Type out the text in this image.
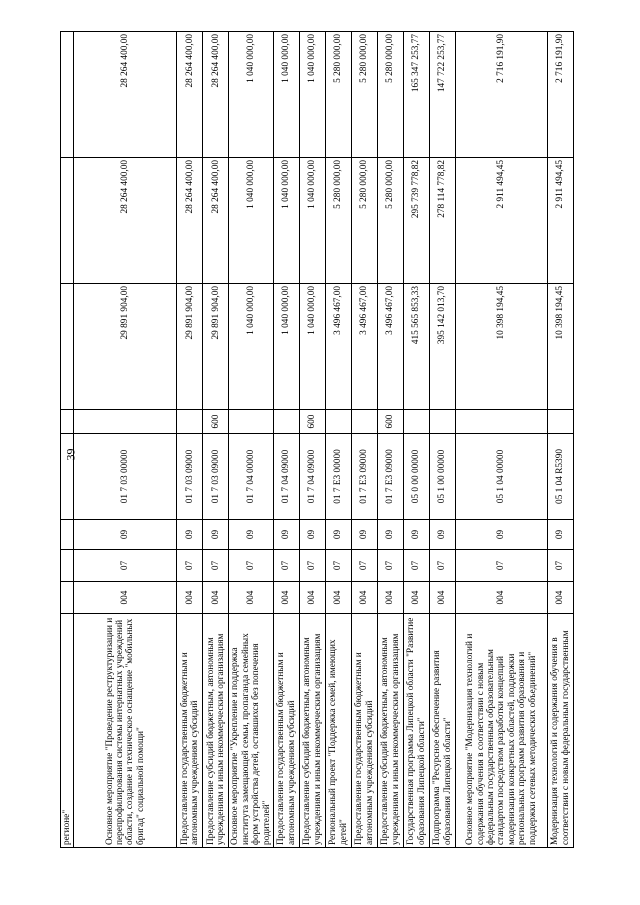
39
регионе"								
Основное мероприятие "Проведение реструктуризации и перепрофилирования системы интернатных учреждений области, создание и техническое оснащение "мобильных бригад" социальной помощи"	004	07	09	01 7 03 00000		29 891 904,00	28 264 400,00	28 264 400,00
Предоставление государственным бюджетным и автономным учреждениям субсидий	004	07	09	01 7 03 09000		29 891 904,00	28 264 400,00	28 264 400,00
Предоставление субсидий бюджетным, автономным учреждениям и иным некоммерческим организациям	004	07	09	01 7 03 09000	600	29 891 904,00	28 264 400,00	28 264 400,00
Основное мероприятие "Укрепление и поддержка института замещающей семьи, пропаганда семейных форм устройства детей, оставшихся без попечения родителей"	004	07	09	01 7 04 00000		1 040 000,00	1 040 000,00	1 040 000,00
Предоставление государственным бюджетным и автономным учреждениям субсидий	004	07	09	01 7 04 09000		1 040 000,00	1 040 000,00	1 040 000,00
Предоставление субсидий бюджетным, автономным учреждениям и иным некоммерческим организациям	004	07	09	01 7 04 09000	600	1 040 000,00	1 040 000,00	1 040 000,00
Региональный проект "Поддержка семей, имеющих детей"	004	07	09	01 7 E3 00000		3 496 467,00	5 280 000,00	5 280 000,00
Предоставление государственным бюджетным и автономным учреждениям субсидий	004	07	09	01 7 E3 09000		3 496 467,00	5 280 000,00	5 280 000,00
Предоставление субсидий бюджетным, автономным учреждениям и иным некоммерческим организациям	004	07	09	01 7 E3 09000	600	3 496 467,00	5 280 000,00	5 280 000,00
Государственная программа Липецкой области "Развитие образования Липецкой области"	004	07	09	05 0 00 00000		415 565 853,33	295 739 778,82	165 347 253,77
Подпрограмма "Ресурсное обеспечение развития образования Липецкой области"	004	07	09	05 1 00 00000		395 142 013,70	278 114 778,82	147 722 253,77
Основное мероприятие "Модернизация технологий и содержания обучения в соответствии с новым федеральным государственным образовательным стандартом посредством разработки концепций модернизации конкретных областей, поддержки региональных программ развития образования и поддержки сетевых методических объединений"	004	07	09	05 1 04 00000		10 398 194,45	2 911 494,45	2 716 191,90
Модернизация технологий и содержания обучения в соответствии с новым федеральным государственным	004	07	09	05 1 04 R5390		10 398 194,45	2 911 494,45	2 716 191,90
